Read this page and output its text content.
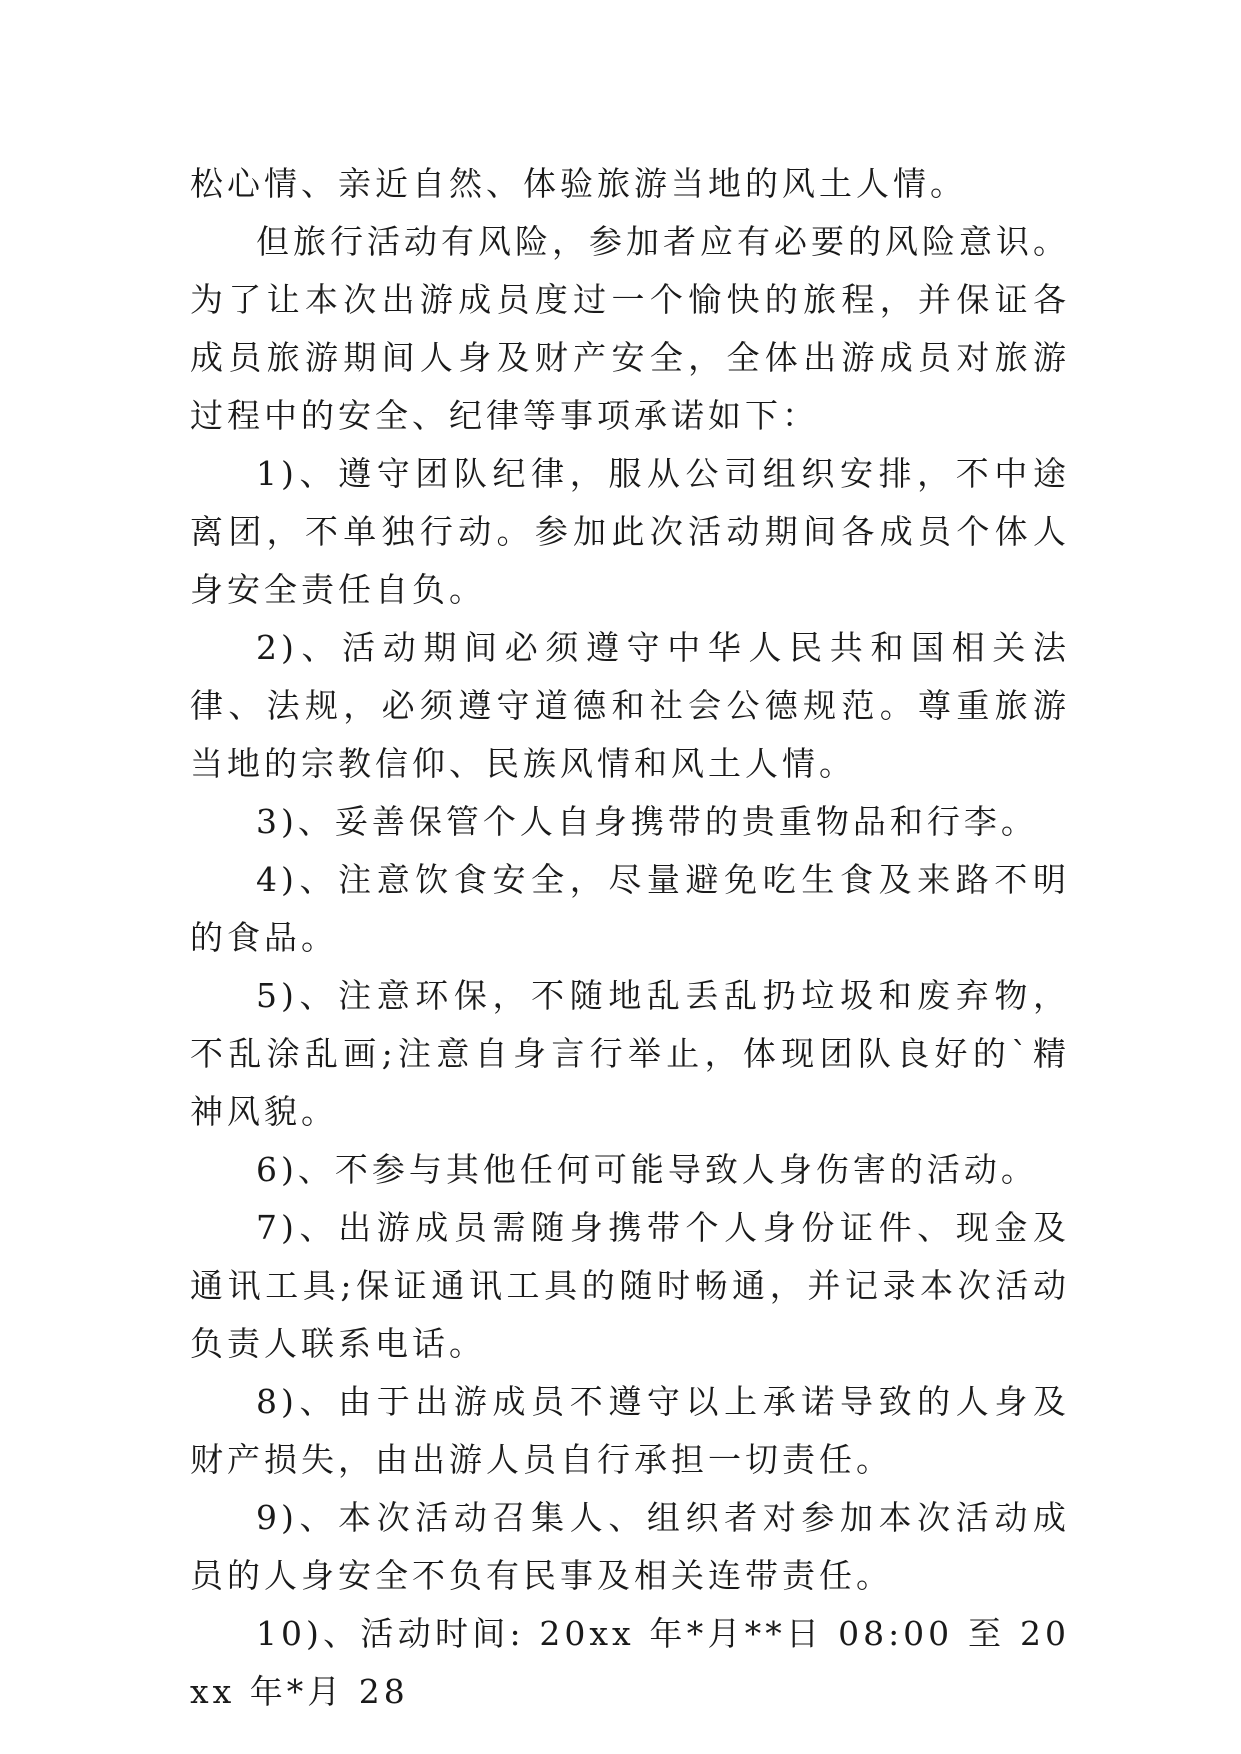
松心情、亲近自然、体验旅游当地的风土人情。

但旅行活动有风险，参加者应有必要的风险意识。为了让本次出游成员度过一个愉快的旅程，并保证各成员旅游期间人身及财产安全，全体出游成员对旅游过程中的安全、纪律等事项承诺如下：

1)、遵守团队纪律，服从公司组织安排，不中途离团，不单独行动。参加此次活动期间各成员个体人身安全责任自负。

2)、活动期间必须遵守中华人民共和国相关法律、法规，必须遵守道德和社会公德规范。尊重旅游当地的宗教信仰、民族风情和风土人情。

3)、妥善保管个人自身携带的贵重物品和行李。

4)、注意饮食安全，尽量避免吃生食及来路不明的食品。

5)、注意环保，不随地乱丢乱扔垃圾和废弃物，不乱涂乱画;注意自身言行举止，体现团队良好的`精神风貌。

6)、不参与其他任何可能导致人身伤害的活动。

7)、出游成员需随身携带个人身份证件、现金及通讯工具;保证通讯工具的随时畅通，并记录本次活动负责人联系电话。

8)、由于出游成员不遵守以上承诺导致的人身及财产损失，由出游人员自行承担一切责任。

9)、本次活动召集人、组织者对参加本次活动成员的人身安全不负有民事及相关连带责任。

10)、活动时间: 20xx 年*月**日 08:00 至 20xx 年*月 28
